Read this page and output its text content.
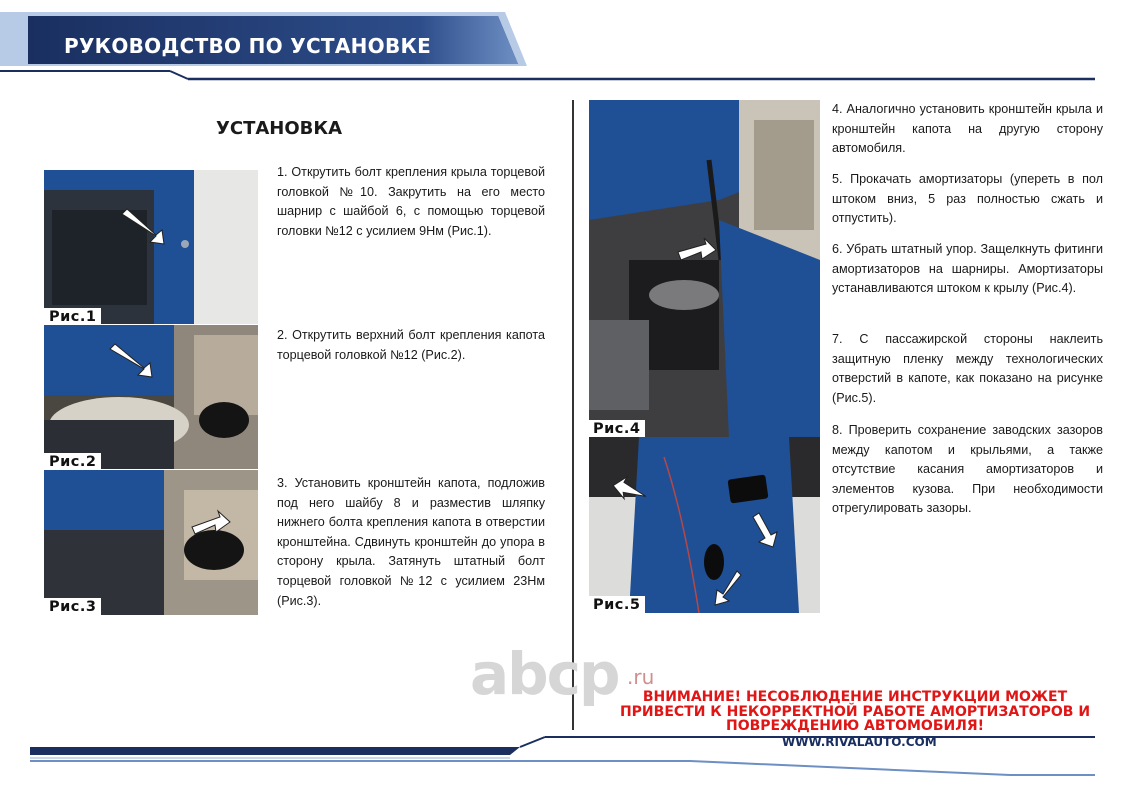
РУКОВОДСТВО ПО УСТАНОВКЕ
УСТАНОВКА
Рис.1
Рис.2
Рис.3
1. Открутить болт крепления крыла торцевой головкой №10. Закрутить на его место шарнир с шайбой 6, с помощью торцевой головки №12 с усилием 9Нм (Рис.1).
2. Открутить верхний болт крепления капота торцевой головкой №12 (Рис.2).
3. Установить кронштейн капота, подложив под него шайбу 8 и разместив шляпку нижнего болта крепления капота в отверстии кронштейна. Сдвинуть кронштейн до упора в сторону крыла. Затянуть штатный болт торцевой головкой №12 с усилием 23Нм (Рис.3).
Рис.4
Рис.5
4. Аналогично установить кронштейн крыла и кронштейн капота на другую сторону автомобиля.
5. Прокачать амортизаторы (упереть в пол штоком вниз, 5 раз полностью сжать и отпустить).
6. Убрать штатный упор. Защелкнуть фитинги амортизаторов на шарниры. Амортизаторы устанавливаются штоком к крылу (Рис.4).
7. С пассажирской стороны наклеить защитную пленку между технологических отверстий в капоте, как показано на рисунке (Рис.5).
8. Проверить сохранение заводских зазоров между капотом и крыльями, а также отсутствие касания амортизаторов и элементов кузова. При необходимости отрегулировать зазоры.
abcp .ru
ВНИМАНИЕ! НЕСОБЛЮДЕНИЕ ИНСТРУКЦИИ МОЖЕТ ПРИВЕСТИ К НЕКОРРЕКТНОЙ РАБОТЕ АМОРТИЗАТОРОВ И ПОВРЕЖДЕНИЮ АВТОМОБИЛЯ!
WWW.RIVALAUTO.COM
